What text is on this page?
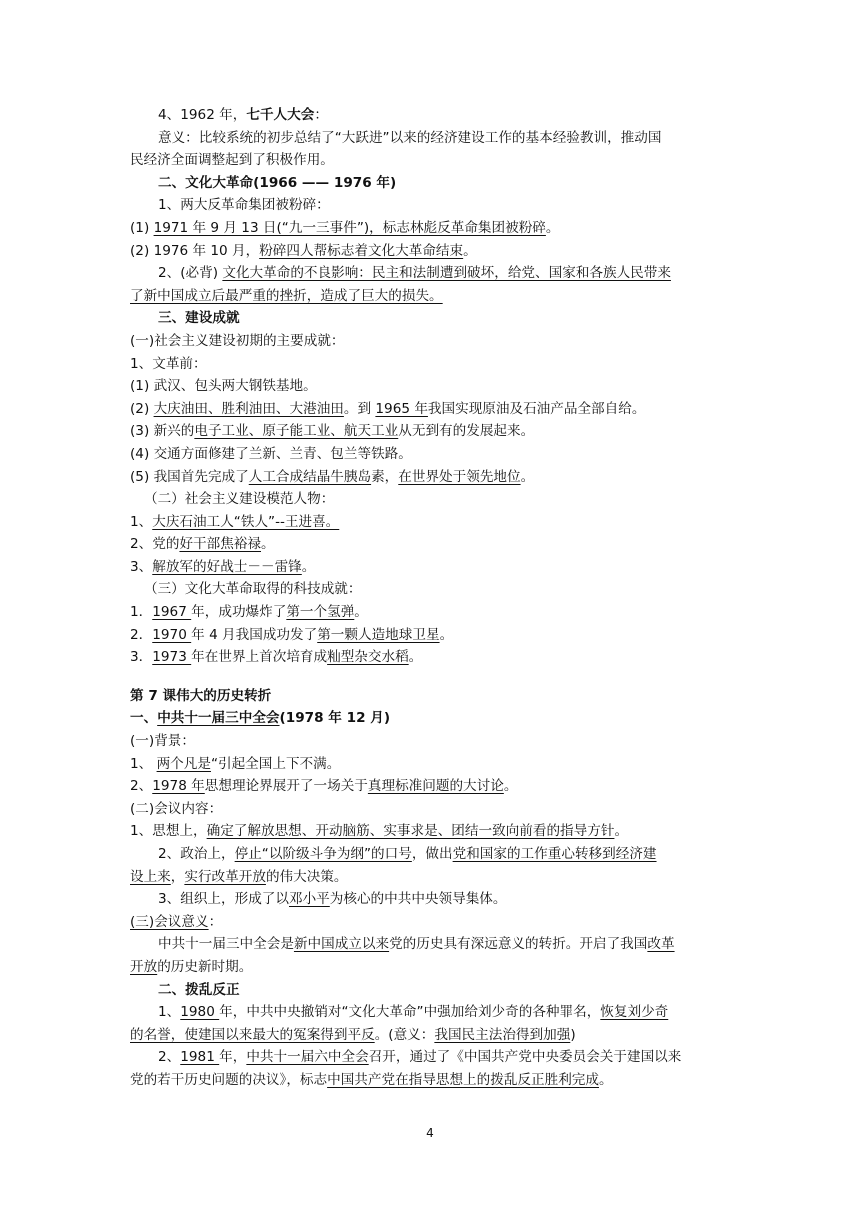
4、1962 年，七千人大会：
意义：比较系统的初步总结了“大跃进”以来的经济建设工作的基本经验教训，推动国
民经济全面调整起到了积极作用。
二、文化大革命(1966 —— 1976 年)
1、两大反革命集团被粉碎：
(1) 1971 年 9 月 13 日(“九一三事件”)，标志林彪反革命集团被粉碎。
(2) 1976 年 10 月，粉碎四人帮标志着文化大革命结束。
2、(必背) 文化大革命的不良影响：民主和法制遭到破坏，给党、国家和各族人民带来
了新中国成立后最严重的挫折，造成了巨大的损失。
三、建设成就
(一)社会主义建设初期的主要成就：
1、文革前：
(1) 武汉、包头两大钢铁基地。
(2) 大庆油田、胜利油田、大港油田。到 1965 年我国实现原油及石油产品全部自给。
(3) 新兴的电子工业、原子能工业、航天工业从无到有的发展起来。
(4) 交通方面修建了兰新、兰青、包兰等铁路。
(5) 我国首先完成了人工合成结晶牛胰岛素，在世界处于领先地位。
（二）社会主义建设模范人物：
1、大庆石油工人“铁人”--王进喜。
2、党的好干部焦裕禄。
3、解放军的好战士－－雷锋。
（三）文化大革命取得的科技成就：
1．1967 年，成功爆炸了第一个氢弹。
2．1970 年 4 月我国成功发了第一颗人造地球卫星。
3．1973 年在世界上首次培育成籼型杂交水稻。
第 7 课伟大的历史转折
一、中共十一届三中全会(1978 年 12 月)
(一)背景：
1、 两个凡是“引起全国上下不满。
2、1978 年思想理论界展开了一场关于真理标准问题的大讨论。
(二)会议内容：
1、思想上，确定了解放思想、开动脑筋、实事求是、团结一致向前看的指导方针。
2、政治上，停止“以阶级斗争为纲”的口号，做出党和国家的工作重心转移到经济建
设上来，实行改革开放的伟大决策。
3、组织上，形成了以邓小平为核心的中共中央领导集体。
(三)会议意义：
中共十一届三中全会是新中国成立以来党的历史具有深远意义的转折。开启了我国改革
开放的历史新时期。
二、拨乱反正
1、1980 年，中共中央撤销对“文化大革命”中强加给刘少奇的各种罪名，恢复刘少奇
的名誉，使建国以来最大的冤案得到平反。(意义：我国民主法治得到加强)
2、1981 年，中共十一届六中全会召开，通过了《中国共产党中央委员会关于建国以来
党的若干历史问题的决议》，标志中国共产党在指导思想上的拨乱反正胜利完成。
4
